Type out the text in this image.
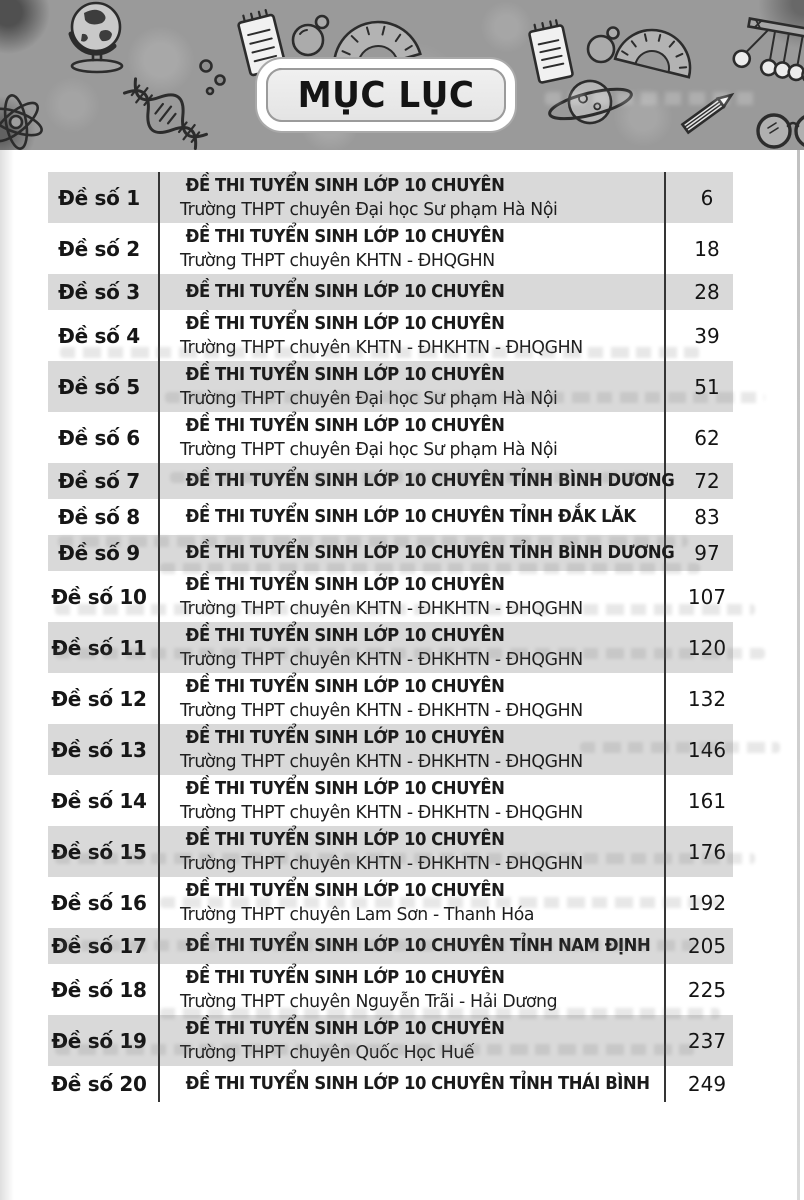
MỤC LỤC
Đề số 1	ĐỀ THI TUYỂN SINH LỚP 10 CHUYÊN
Trường THPT chuyên Đại học Sư phạm Hà Nội	6
Đề số 2	ĐỀ THI TUYỂN SINH LỚP 10 CHUYÊN
Trường THPT chuyên KHTN - ĐHQGHN	18
Đề số 3	ĐỀ THI TUYỂN SINH LỚP 10 CHUYÊN	28
Đề số 4	ĐỀ THI TUYỂN SINH LỚP 10 CHUYÊN
Trường THPT chuyên KHTN - ĐHKHTN - ĐHQGHN	39
Đề số 5	ĐỀ THI TUYỂN SINH LỚP 10 CHUYÊN
Trường THPT chuyên Đại học Sư phạm Hà Nội	51
Đề số 6	ĐỀ THI TUYỂN SINH LỚP 10 CHUYÊN
Trường THPT chuyên Đại học Sư phạm Hà Nội	62
Đề số 7	ĐỀ THI TUYỂN SINH LỚP 10 CHUYÊN TỈNH BÌNH DƯƠNG	72
Đề số 8	ĐỀ THI TUYỂN SINH LỚP 10 CHUYÊN TỈNH ĐẮK LĂK	83
Đề số 9	ĐỀ THI TUYỂN SINH LỚP 10 CHUYÊN TỈNH BÌNH DƯƠNG	97
Đề số 10	ĐỀ THI TUYỂN SINH LỚP 10 CHUYÊN
Trường THPT chuyên KHTN - ĐHKHTN - ĐHQGHN	107
Đề số 11	ĐỀ THI TUYỂN SINH LỚP 10 CHUYÊN
Trường THPT chuyên KHTN - ĐHKHTN - ĐHQGHN	120
Đề số 12	ĐỀ THI TUYỂN SINH LỚP 10 CHUYÊN
Trường THPT chuyên KHTN - ĐHKHTN - ĐHQGHN	132
Đề số 13	ĐỀ THI TUYỂN SINH LỚP 10 CHUYÊN
Trường THPT chuyên KHTN - ĐHKHTN - ĐHQGHN	146
Đề số 14	ĐỀ THI TUYỂN SINH LỚP 10 CHUYÊN
Trường THPT chuyên KHTN - ĐHKHTN - ĐHQGHN	161
Đề số 15	ĐỀ THI TUYỂN SINH LỚP 10 CHUYÊN
Trường THPT chuyên KHTN - ĐHKHTN - ĐHQGHN	176
Đề số 16	ĐỀ THI TUYỂN SINH LỚP 10 CHUYÊN
Trường THPT chuyên Lam Sơn - Thanh Hóa	192
Đề số 17	ĐỀ THI TUYỂN SINH LỚP 10 CHUYÊN TỈNH NAM ĐỊNH	205
Đề số 18	ĐỀ THI TUYỂN SINH LỚP 10 CHUYÊN
Trường THPT chuyên Nguyễn Trãi - Hải Dương	225
Đề số 19	ĐỀ THI TUYỂN SINH LỚP 10 CHUYÊN
Trường THPT chuyên Quốc Học Huế	237
Đề số 20	ĐỀ THI TUYỂN SINH LỚP 10 CHUYÊN TỈNH THÁI BÌNH	249
